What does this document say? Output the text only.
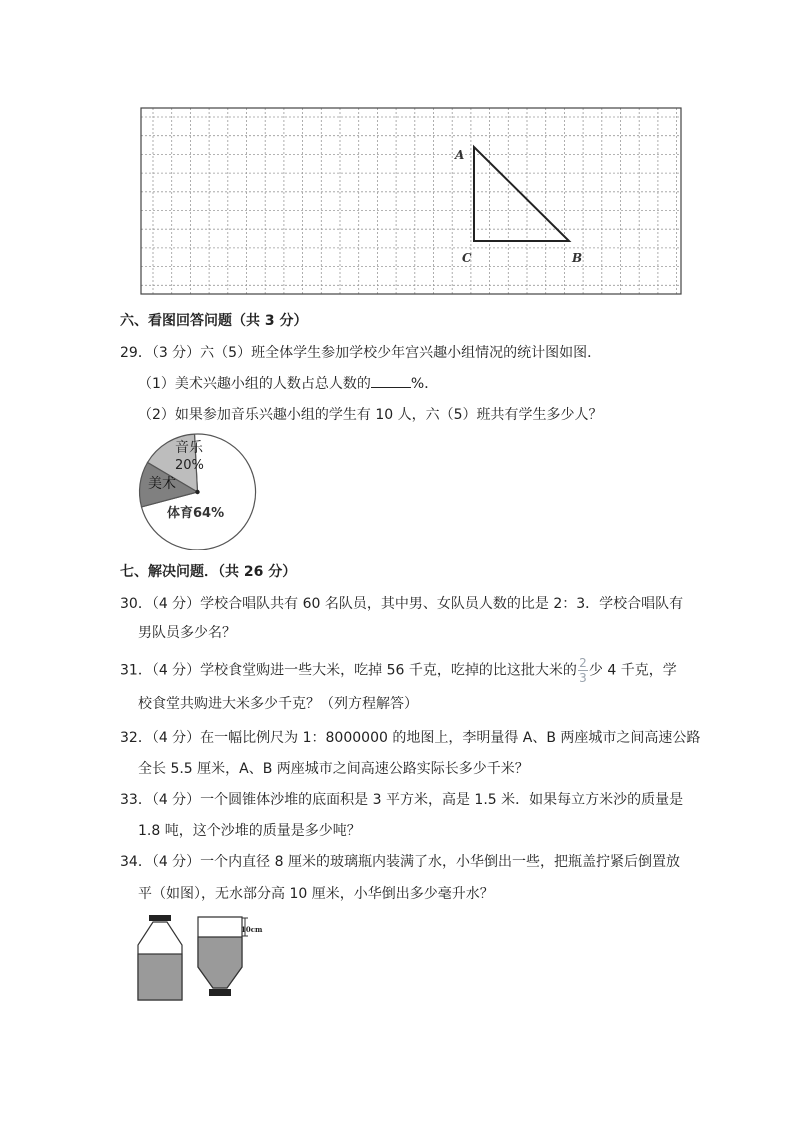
A
C	B
六、看图回答问题（共 3 分）
29．（3 分）六（5）班全体学生参加学校少年宫兴趣小组情况的统计图如图．
（1）美术兴趣小组的人数占总人数的	%．
（2）如果参加音乐兴趣小组的学生有 10 人，六（5）班共有学生多少人？
音乐
20%
美术
体育64%
七、解决问题．（共 26 分）
30．（4 分）学校合唱队共有 60 名队员，其中男、女队员人数的比是 2：3．学校合唱队有
男队员多少名？
31．（4 分）学校食堂购进一些大米，吃掉 56 千克，吃掉的比这批大米的 $\frac{2}{3}$ 少 4 千克，学
校食堂共购进大米多少千克？（列方程解答）
32．（4 分）在一幅比例尺为 1：8000000 的地图上，李明量得 A、B 两座城市之间高速公路
全长 5.5 厘米，A、B 两座城市之间高速公路实际长多少千米？
33．（4 分）一个圆锥体沙堆的底面积是 3 平方米，高是 1.5 米．如果每立方米沙的质量是
1.8 吨，这个沙堆的质量是多少吨？
34．（4 分）一个内直径 8 厘米的玻璃瓶内装满了水，小华倒出一些，把瓶盖拧紧后倒置放
平（如图），无水部分高 10 厘米，小华倒出多少毫升水？
10cm
